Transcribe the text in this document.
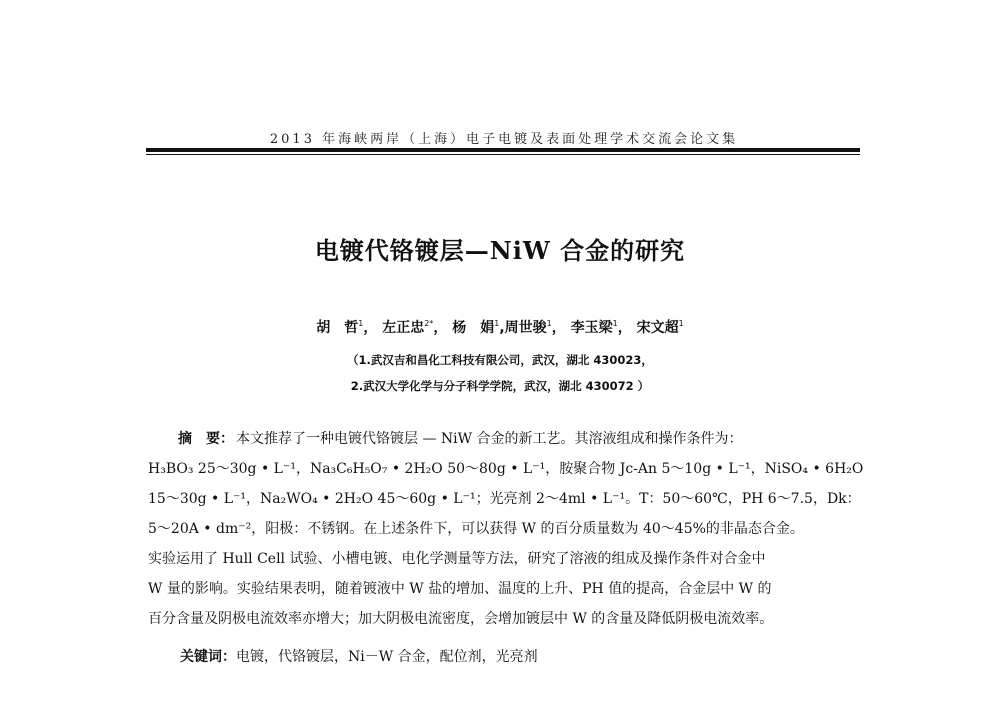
2013 年海峡两岸（上海）电子电镀及表面处理学术交流会论文集
电镀代铬镀层—NiW 合金的研究
胡　哲$^1$， 左正忠$^{2*}$， 杨　娟$^1$,周世骏$^1$， 李玉梁$^1$， 宋文超$^1$
（1.武汉吉和昌化工科技有限公司，武汉，湖北 430023，
2.武汉大学化学与分子科学学院，武汉，湖北 430072 ）
摘　要： 本文推荐了一种电镀代铬镀层 — NiW 合金的新工艺。其溶液组成和操作条件为：
H₃BO₃ 25～30g • L⁻¹，Na₃C₆H₅O₇ • 2H₂O 50～80g • L⁻¹，胺聚合物 Jc-An 5～10g • L⁻¹，NiSO₄ • 6H₂O
15～30g • L⁻¹，Na₂WO₄ • 2H₂O 45～60g • L⁻¹；光亮剂 2～4ml • L⁻¹。T：50～60℃，PH 6～7.5，Dk：
5～20A • dm⁻²，阳极：不锈钢。在上述条件下，可以获得 W 的百分质量数为 40～45%的非晶态合金。
实验运用了 Hull Cell 试验、小槽电镀、电化学测量等方法，研究了溶液的组成及操作条件对合金中
W 量的影响。实验结果表明，随着镀液中 W 盐的增加、温度的上升、PH 值的提高，合金层中 W 的
百分含量及阴极电流效率亦增大；加大阴极电流密度，会增加镀层中 W 的含量及降低阴极电流效率。
关键词：电镀，代铬镀层，Ni－W 合金，配位剂，光亮剂
